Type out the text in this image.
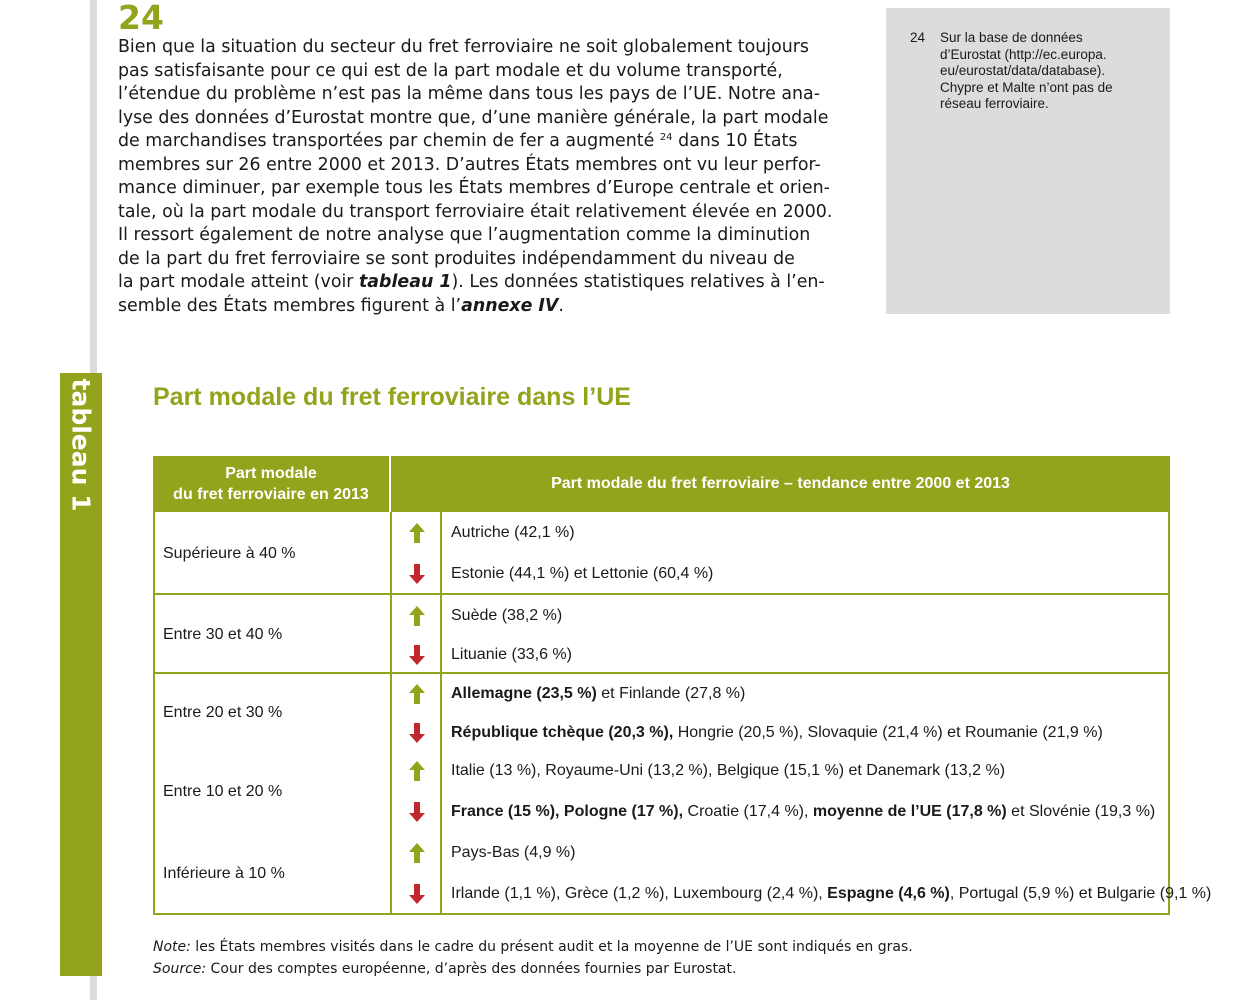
24
Bien que la situation du secteur du fret ferroviaire ne soit globalement toujours
pas satisfaisante pour ce qui est de la part modale et du volume transporté,
l’étendue du problème n’est pas la même dans tous les pays de l’UE. Notre ana-
lyse des données d’Eurostat montre que, d’une manière générale, la part modale
de marchandises transportées par chemin de fer a augmenté $^{24}$ dans 10 États
membres sur 26 entre 2000 et 2013. D’autres États membres ont vu leur perfor-
mance diminuer, par exemple tous les États membres d’Europe centrale et orien-
tale, où la part modale du transport ferroviaire était relativement élevée en 2000.
Il ressort également de notre analyse que l’augmentation comme la diminution
de la part du fret ferroviaire se sont produites indépendamment du niveau de
la part modale atteint (voir tableau 1). Les données statistiques relatives à l’en-
semble des États membres figurent à l’annexe IV.
24 Sur la base de données
d’Eurostat (http://ec.europa.
eu/eurostat/data/database).
Chypre et Malte n’ont pas de
réseau ferroviaire.
tableau 1 Part modale du fret ferroviaire dans l’UE
Part modale
du fret ferroviaire en 2013
Part modale du fret ferroviaire – tendance entre 2000 et 2013
Supérieure à 40 %
Entre 30 et 40 %
Entre 20 et 30 %
Entre 10 et 20 %
Inférieure à 10 %
Autriche (42,1 %)
Estonie (44,1 %) et Lettonie (60,4 %)
Suède (38,2 %)
Lituanie (33,6 %)
Allemagne (23,5 %) et Finlande (27,8 %)
République tchèque (20,3 %), Hongrie (20,5 %), Slovaquie (21,4 %) et Roumanie (21,9 %)
Italie (13 %), Royaume-Uni (13,2 %), Belgique (15,1 %) et Danemark (13,2 %)
France (15 %), Pologne (17 %), Croatie (17,4 %), moyenne de l’UE (17,8 %) et Slovénie (19,3 %)
Pays-Bas (4,9 %)
Irlande (1,1 %), Grèce (1,2 %), Luxembourg (2,4 %), Espagne (4,6 %), Portugal (5,9 %) et Bulgarie (9,1 %)
Note: les États membres visités dans le cadre du présent audit et la moyenne de l’UE sont indiqués en gras.
Source: Cour des comptes européenne, d’après des données fournies par Eurostat.
